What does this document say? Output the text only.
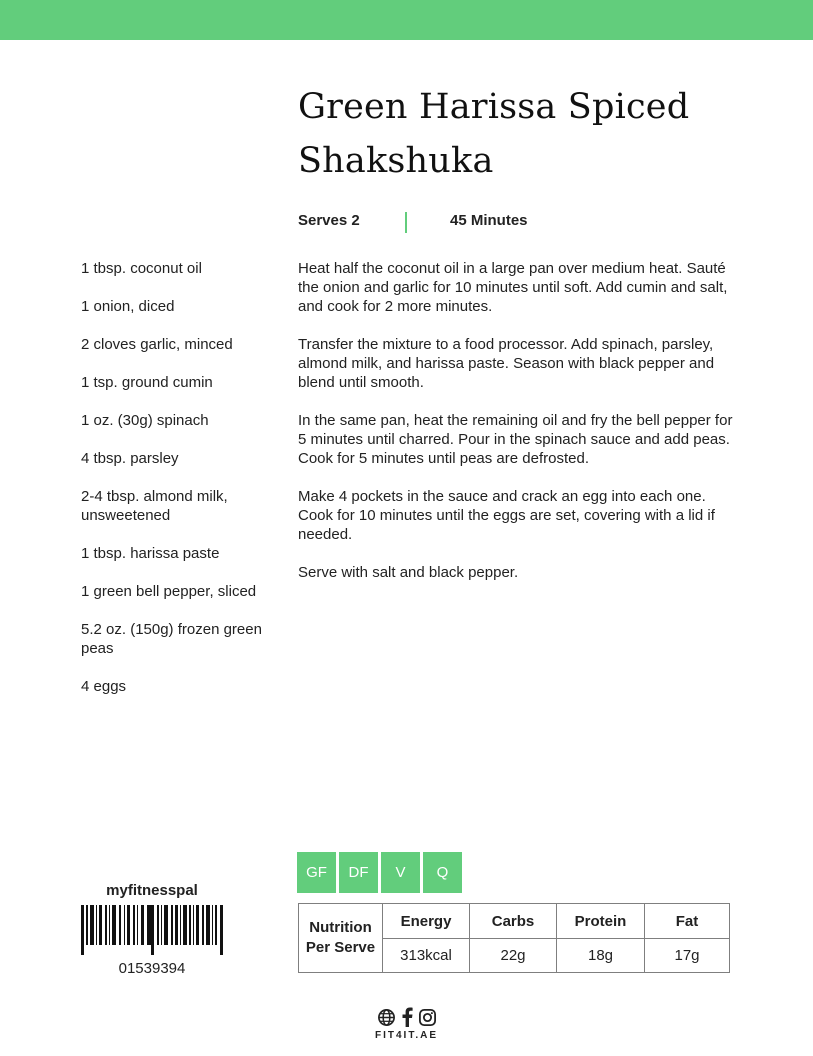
Green Harissa Spiced Shakshuka
Serves 2	45 Minutes
1 tbsp. coconut oil
1 onion, diced
2 cloves garlic, minced
1 tsp. ground cumin
1 oz. (30g) spinach
4 tbsp. parsley
2-4 tbsp. almond milk, unsweetened
1 tbsp. harissa paste
1 green bell pepper, sliced
5.2 oz. (150g) frozen green peas
4 eggs

Heat half the coconut oil in a large pan over medium heat. Sauté the onion and garlic for 10 minutes until soft. Add cumin and salt, and cook for 2 more minutes.

Transfer the mixture to a food processor. Add spinach, parsley, almond milk, and harissa paste. Season with black pepper and blend until smooth.

In the same pan, heat the remaining oil and fry the bell pepper for 5 minutes until charred. Pour in the spinach sauce and add peas. Cook for 5 minutes until peas are defrosted.

Make 4 pockets in the sauce and crack an egg into each one. Cook for 10 minutes until the eggs are set, covering with a lid if needed.

Serve with salt and black pepper.

GF	DF	V	Q
myfitnesspal
01539394
Nutrition Per Serve	Energy	Carbs	Protein	Fat
	313kcal	22g	18g	17g
FIT4IT.AE
